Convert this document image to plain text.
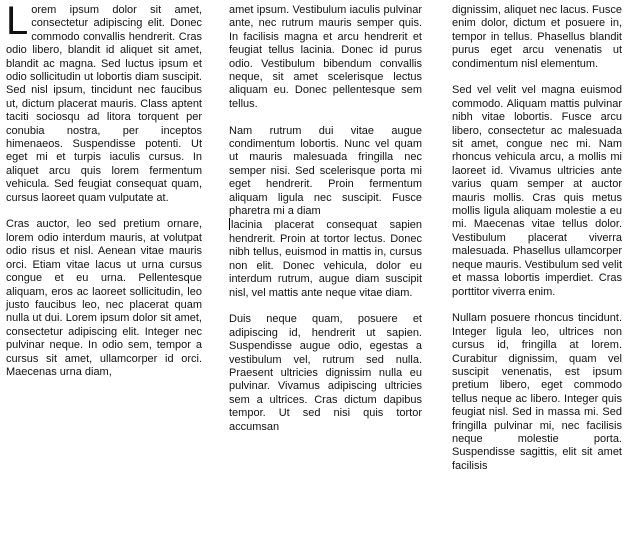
Lorem ipsum dolor sit amet, consectetur adipiscing elit. Donec commodo convallis hendrerit. Cras odio libero, blandit id aliquet sit amet, blandit ac magna. Sed luctus ipsum et odio sollicitudin ut lobortis diam suscipit. Sed nisl ipsum, tincidunt nec faucibus ut, dictum placerat mauris. Class aptent taciti sociosqu ad litora torquent per conubia nostra, per inceptos himenaeos. Suspendisse potenti. Ut eget mi et turpis iaculis cursus. In aliquet arcu quis lorem fermentum vehicula. Sed feugiat consequat quam, cursus laoreet quam vulputate at.

Cras auctor, leo sed pretium ornare, lorem odio interdum mauris, at volutpat odio risus et nisl. Aenean vitae mauris orci. Etiam vitae lacus ut urna cursus congue et eu urna. Pellentesque aliquam, eros ac laoreet sollicitudin, leo justo faucibus leo, nec placerat quam nulla ut dui. Lorem ipsum dolor sit amet, consectetur adipiscing elit. Integer nec pulvinar neque. In odio sem, tempor a cursus sit amet, ullamcorper id orci. Maecenas urna diam,

amet ipsum. Vestibulum iaculis pulvinar ante, nec rutrum mauris semper quis. In facilisis magna et arcu hendrerit et feugiat tellus lacinia. Donec id purus odio. Vestibulum bibendum convallis neque, sit amet scelerisque lectus aliquam eu. Donec pellentesque sem tellus.

Nam rutrum dui vitae augue condimentum lobortis. Nunc vel quam ut mauris malesuada fringilla nec semper nisi. Sed scelerisque porta mi eget hendrerit. Proin fermentum aliquam ligula nec suscipit. Fusce pharetra mi a diam
lacinia placerat consequat sapien hendrerit. Proin at tortor lectus. Donec nibh tellus, euismod in mattis in, cursus non elit. Donec vehicula, dolor eu interdum rutrum, augue diam suscipit nisl, vel mattis ante neque vitae diam.

Duis neque quam, posuere et adipiscing id, hendrerit ut sapien. Suspendisse augue odio, egestas a vestibulum vel, rutrum sed nulla. Praesent ultricies dignissim nulla eu pulvinar. Vivamus adipiscing ultricies sem a ultrices. Cras dictum dapibus tempor. Ut sed nisi quis tortor accumsan

dignissim, aliquet nec lacus. Fusce enim dolor, dictum et posuere in, tempor in tellus. Phasellus blandit purus eget arcu venenatis ut condimentum nisl elementum.

Sed vel velit vel magna euismod commodo. Aliquam mattis pulvinar nibh vitae lobortis. Fusce arcu libero, consectetur ac malesuada sit amet, congue nec mi. Nam rhoncus vehicula arcu, a mollis mi laoreet id. Vivamus ultricies ante varius quam semper at auctor mauris mollis. Cras quis metus mollis ligula aliquam molestie a eu mi. Maecenas vitae tellus dolor. Vestibulum placerat viverra malesuada. Phasellus ullamcorper neque mauris. Vestibulum sed velit et massa lobortis imperdiet. Cras porttitor viverra enim.

Nullam posuere rhoncus tincidunt. Integer ligula leo, ultrices non cursus id, fringilla at lorem. Curabitur dignissim, quam vel suscipit venenatis, est ipsum pretium libero, eget commodo tellus neque ac libero. Integer quis feugiat nisl. Sed in massa mi. Sed fringilla pulvinar mi, nec facilisis neque molestie porta. Suspendisse sagittis, elit sit amet facilisis
